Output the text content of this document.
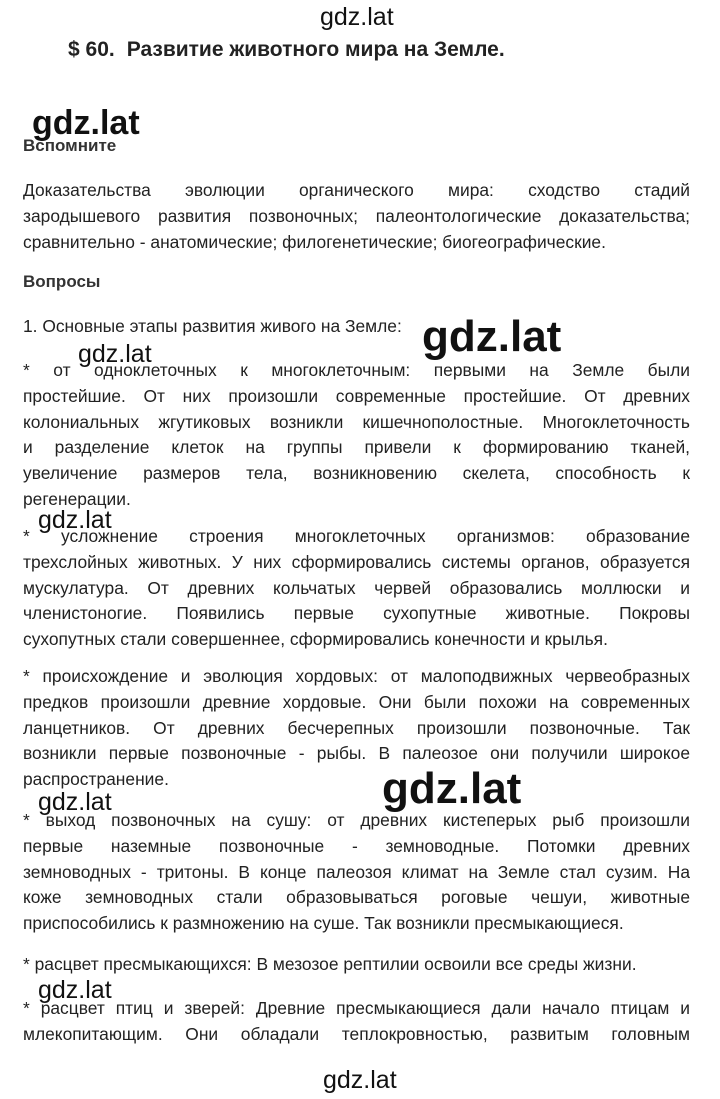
gdz.lat
gdz.lat
$ 60. Развитие животного мира на Земле.
Вспомните
Доказательства эволюции органического мира: сходство стадий
зародышевого развития позвоночных; палеонтологические доказательства;
сравнительно - анатомические; филогенетические; биогеографические.
Вопросы
1. Основные этапы развития живого на Земле: gdz.lat
gdz.lat
* от одноклеточных к многоклеточным: первыми на Земле были
простейшие. От них произошли современные простейшие. От древних
колониальных жгутиковых возникли кишечнополостные. Многоклеточность
и разделение клеток на группы привели к формированию тканей,
увеличение размеров тела, возникновению скелета, способность к
регенерации.
gdz.lat
* усложнение строения многоклеточных организмов: образование
трехслойных животных. У них сформировались системы органов, образуется
мускулатура. От древних кольчатых червей образовались моллюски и
членистоногие. Появились первые сухопутные животные. Покровы
сухопутных стали совершеннее, сформировались конечности и крылья.
* происхождение и эволюция хордовых: от малоподвижных червеобразных
предков произошли древние хордовые. Они были похожи на современных
ланцетников. От древних бесчерепных произошли позвоночные. Так
возникли первые позвоночные - рыбы. В палеозое они получили широкое
распространение.	gdz.lat
gdz.lat
* выход позвоночных на сушу: от древних кистеперых рыб произошли
первые наземные позвоночные - земноводные. Потомки древних
земноводных - тритоны. В конце палеозоя климат на Земле стал сузим. На
коже земноводных стали образовываться роговые чешуи, животные
приспособились к размножению на суше. Так возникли пресмыкающиеся.
* расцвет пресмыкающихся: В мезозое рептилии освоили все среды жизни.
gdz.lat
* расцвет птиц и зверей: Древние пресмыкающиеся дали начало птицам и
млекопитающим. Они обладали теплокровностью, развитым головным
gdz.lat
